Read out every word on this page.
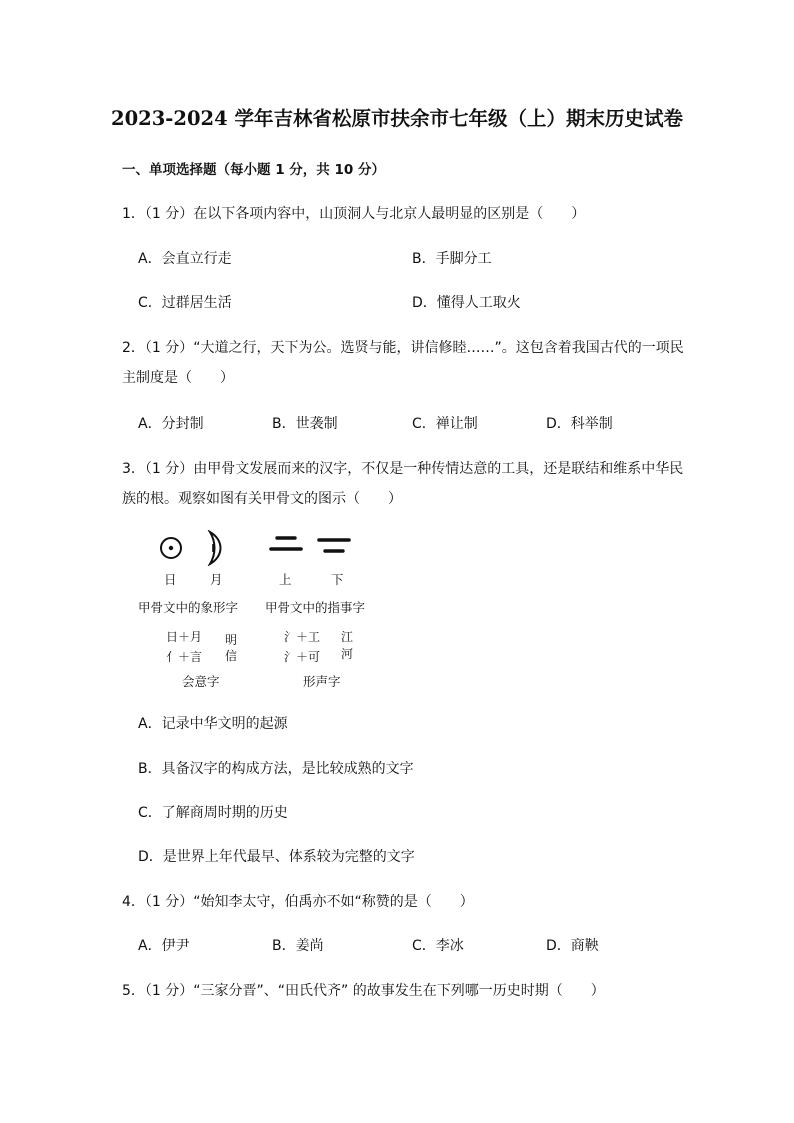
2023-2024 学年吉林省松原市扶余市七年级（上）期末历史试卷
一、单项选择题（每小题 1 分，共 10 分）
1．（1 分）在以下各项内容中，山顶洞人与北京人最明显的区别是（　　）
A．会直立行走	B．手脚分工
C．过群居生活	D．懂得人工取火
2．（1 分）“大道之行，天下为公。选贤与能，讲信修睦……”。这包含着我国古代的一项民
主制度是（　　）
A．分封制	B．世袭制	C．禅让制	D．科举制
3．（1 分）由甲骨文发展而来的汉字，不仅是一种传情达意的工具，还是联结和维系中华民
族的根。观察如图有关甲骨文的图示（　　）
日	月	上	下
甲骨文中的象形字 甲骨文中的指事字
日＋月
亻＋言
明
信
氵＋工
氵＋可
江
河
会意字	形声字
A．记录中华文明的起源
B．具备汉字的构成方法，是比较成熟的文字
C．了解商周时期的历史
D．是世界上年代最早、体系较为完整的文字
4．（1 分）“始知李太守，伯禹亦不如“称赞的是（　　）
A．伊尹	B．姜尚	C．李冰	D．商鞅
5．（1 分）“三家分晋”、“田氏代齐” 的故事发生在下列哪一历史时期（　　）
